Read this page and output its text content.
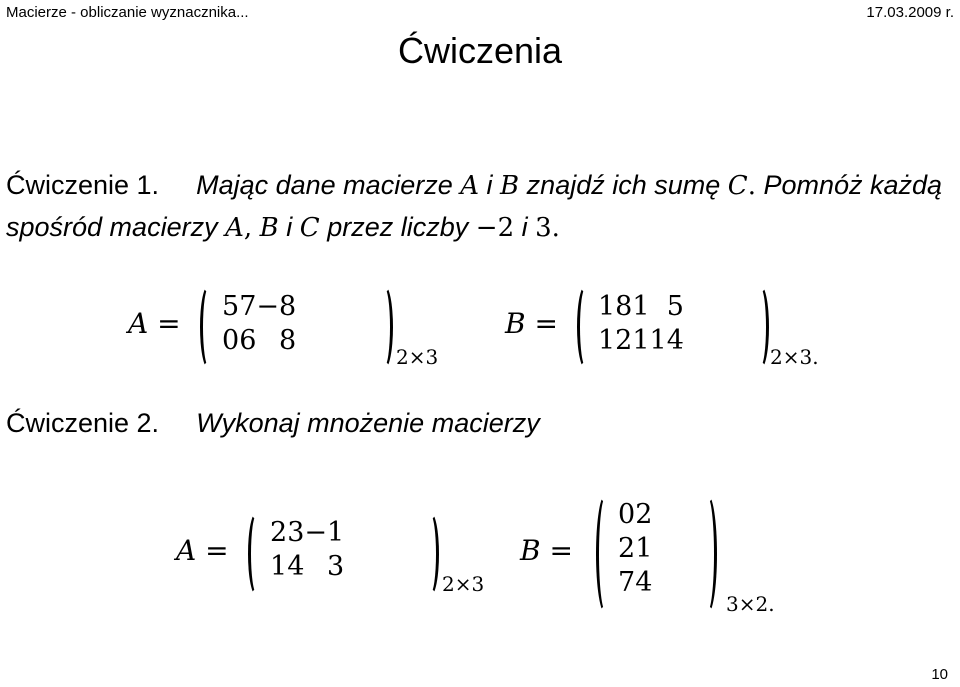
Macierze - obliczanie wyznacznika...	17.03.2009 r.
Ćwiczenia
Ćwiczenie 1. Mając dane macierze A i B znajdź ich sumę C. Pomnóż każdą
spośród macierzy A, B i C przez liczby −2 i 3.
A =
5	7	−8
0	6	8
2×3
B =
18	1	5
12	1	14
2×3.
Ćwiczenie 2. Wykonaj mnożenie macierzy
A =
2	3	−1
1	4	3
2×3
B =
0	2
2	1
7	4
3×2.
10
